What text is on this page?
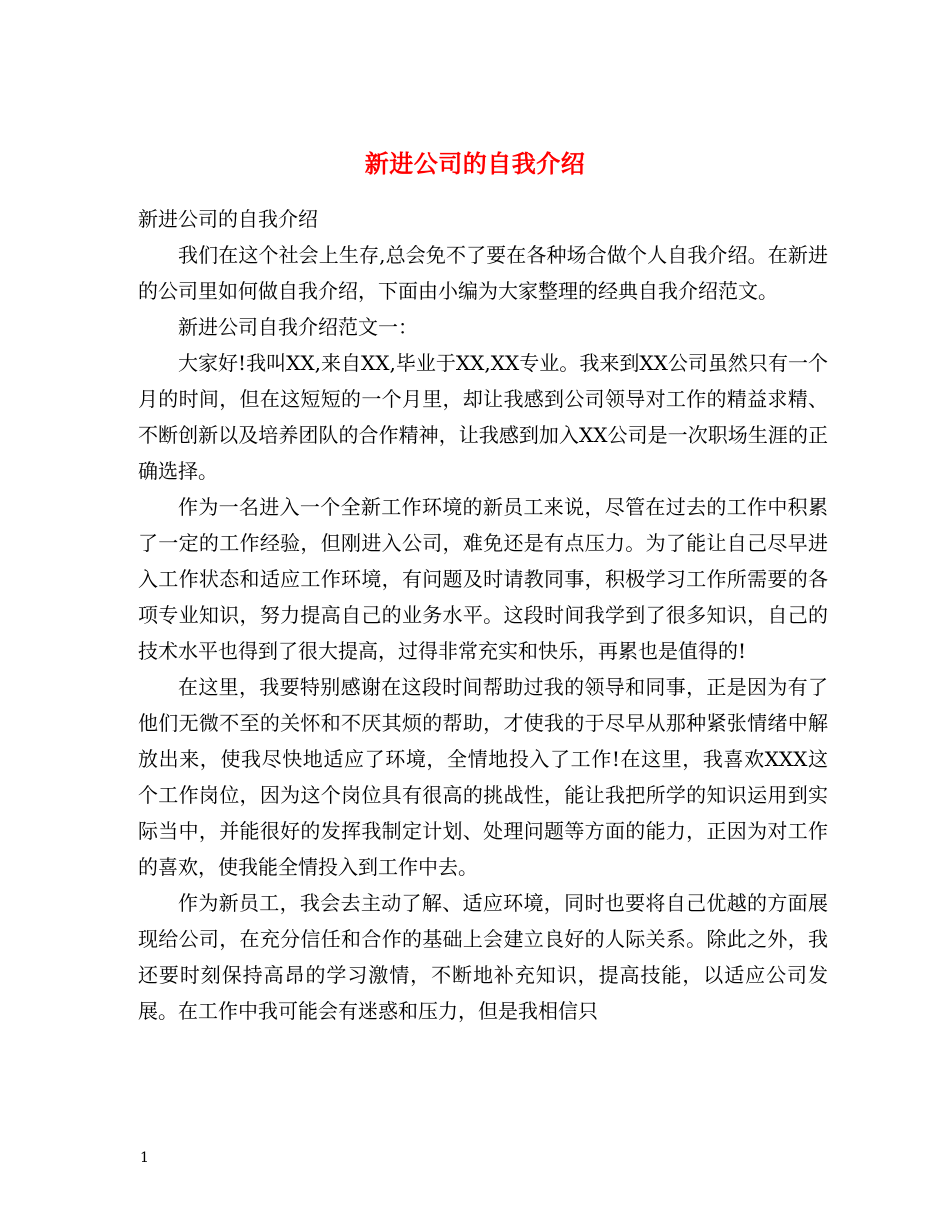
新进公司的自我介绍

新进公司的自我介绍

我们在这个社会上生存,总会免不了要在各种场合做个人自我介绍。在新进的公司里如何做自我介绍，下面由小编为大家整理的经典自我介绍范文。

新进公司自我介绍范文一：

大家好!我叫XX,来自XX,毕业于XX,XX专业。我来到XX公司虽然只有一个月的时间，但在这短短的一个月里，却让我感到公司领导对工作的精益求精、不断创新以及培养团队的合作精神，让我感到加入XX公司是一次职场生涯的正确选择。

作为一名进入一个全新工作环境的新员工来说，尽管在过去的工作中积累了一定的工作经验，但刚进入公司，难免还是有点压力。为了能让自己尽早进入工作状态和适应工作环境，有问题及时请教同事，积极学习工作所需要的各项专业知识，努力提高自己的业务水平。这段时间我学到了很多知识，自己的技术水平也得到了很大提高，过得非常充实和快乐，再累也是值得的!

在这里，我要特别感谢在这段时间帮助过我的领导和同事，正是因为有了他们无微不至的关怀和不厌其烦的帮助，才使我的于尽早从那种紧张情绪中解放出来，使我尽快地适应了环境，全情地投入了工作!在这里，我喜欢XXX这个工作岗位，因为这个岗位具有很高的挑战性，能让我把所学的知识运用到实际当中，并能很好的发挥我制定计划、处理问题等方面的能力，正因为对工作的喜欢，使我能全情投入到工作中去。

作为新员工，我会去主动了解、适应环境，同时也要将自己优越的方面展现给公司，在充分信任和合作的基础上会建立良好的人际关系。除此之外，我还要时刻保持高昂的学习激情，不断地补充知识，提高技能，以适应公司发展。在工作中我可能会有迷惑和压力，但是我相信只

1
